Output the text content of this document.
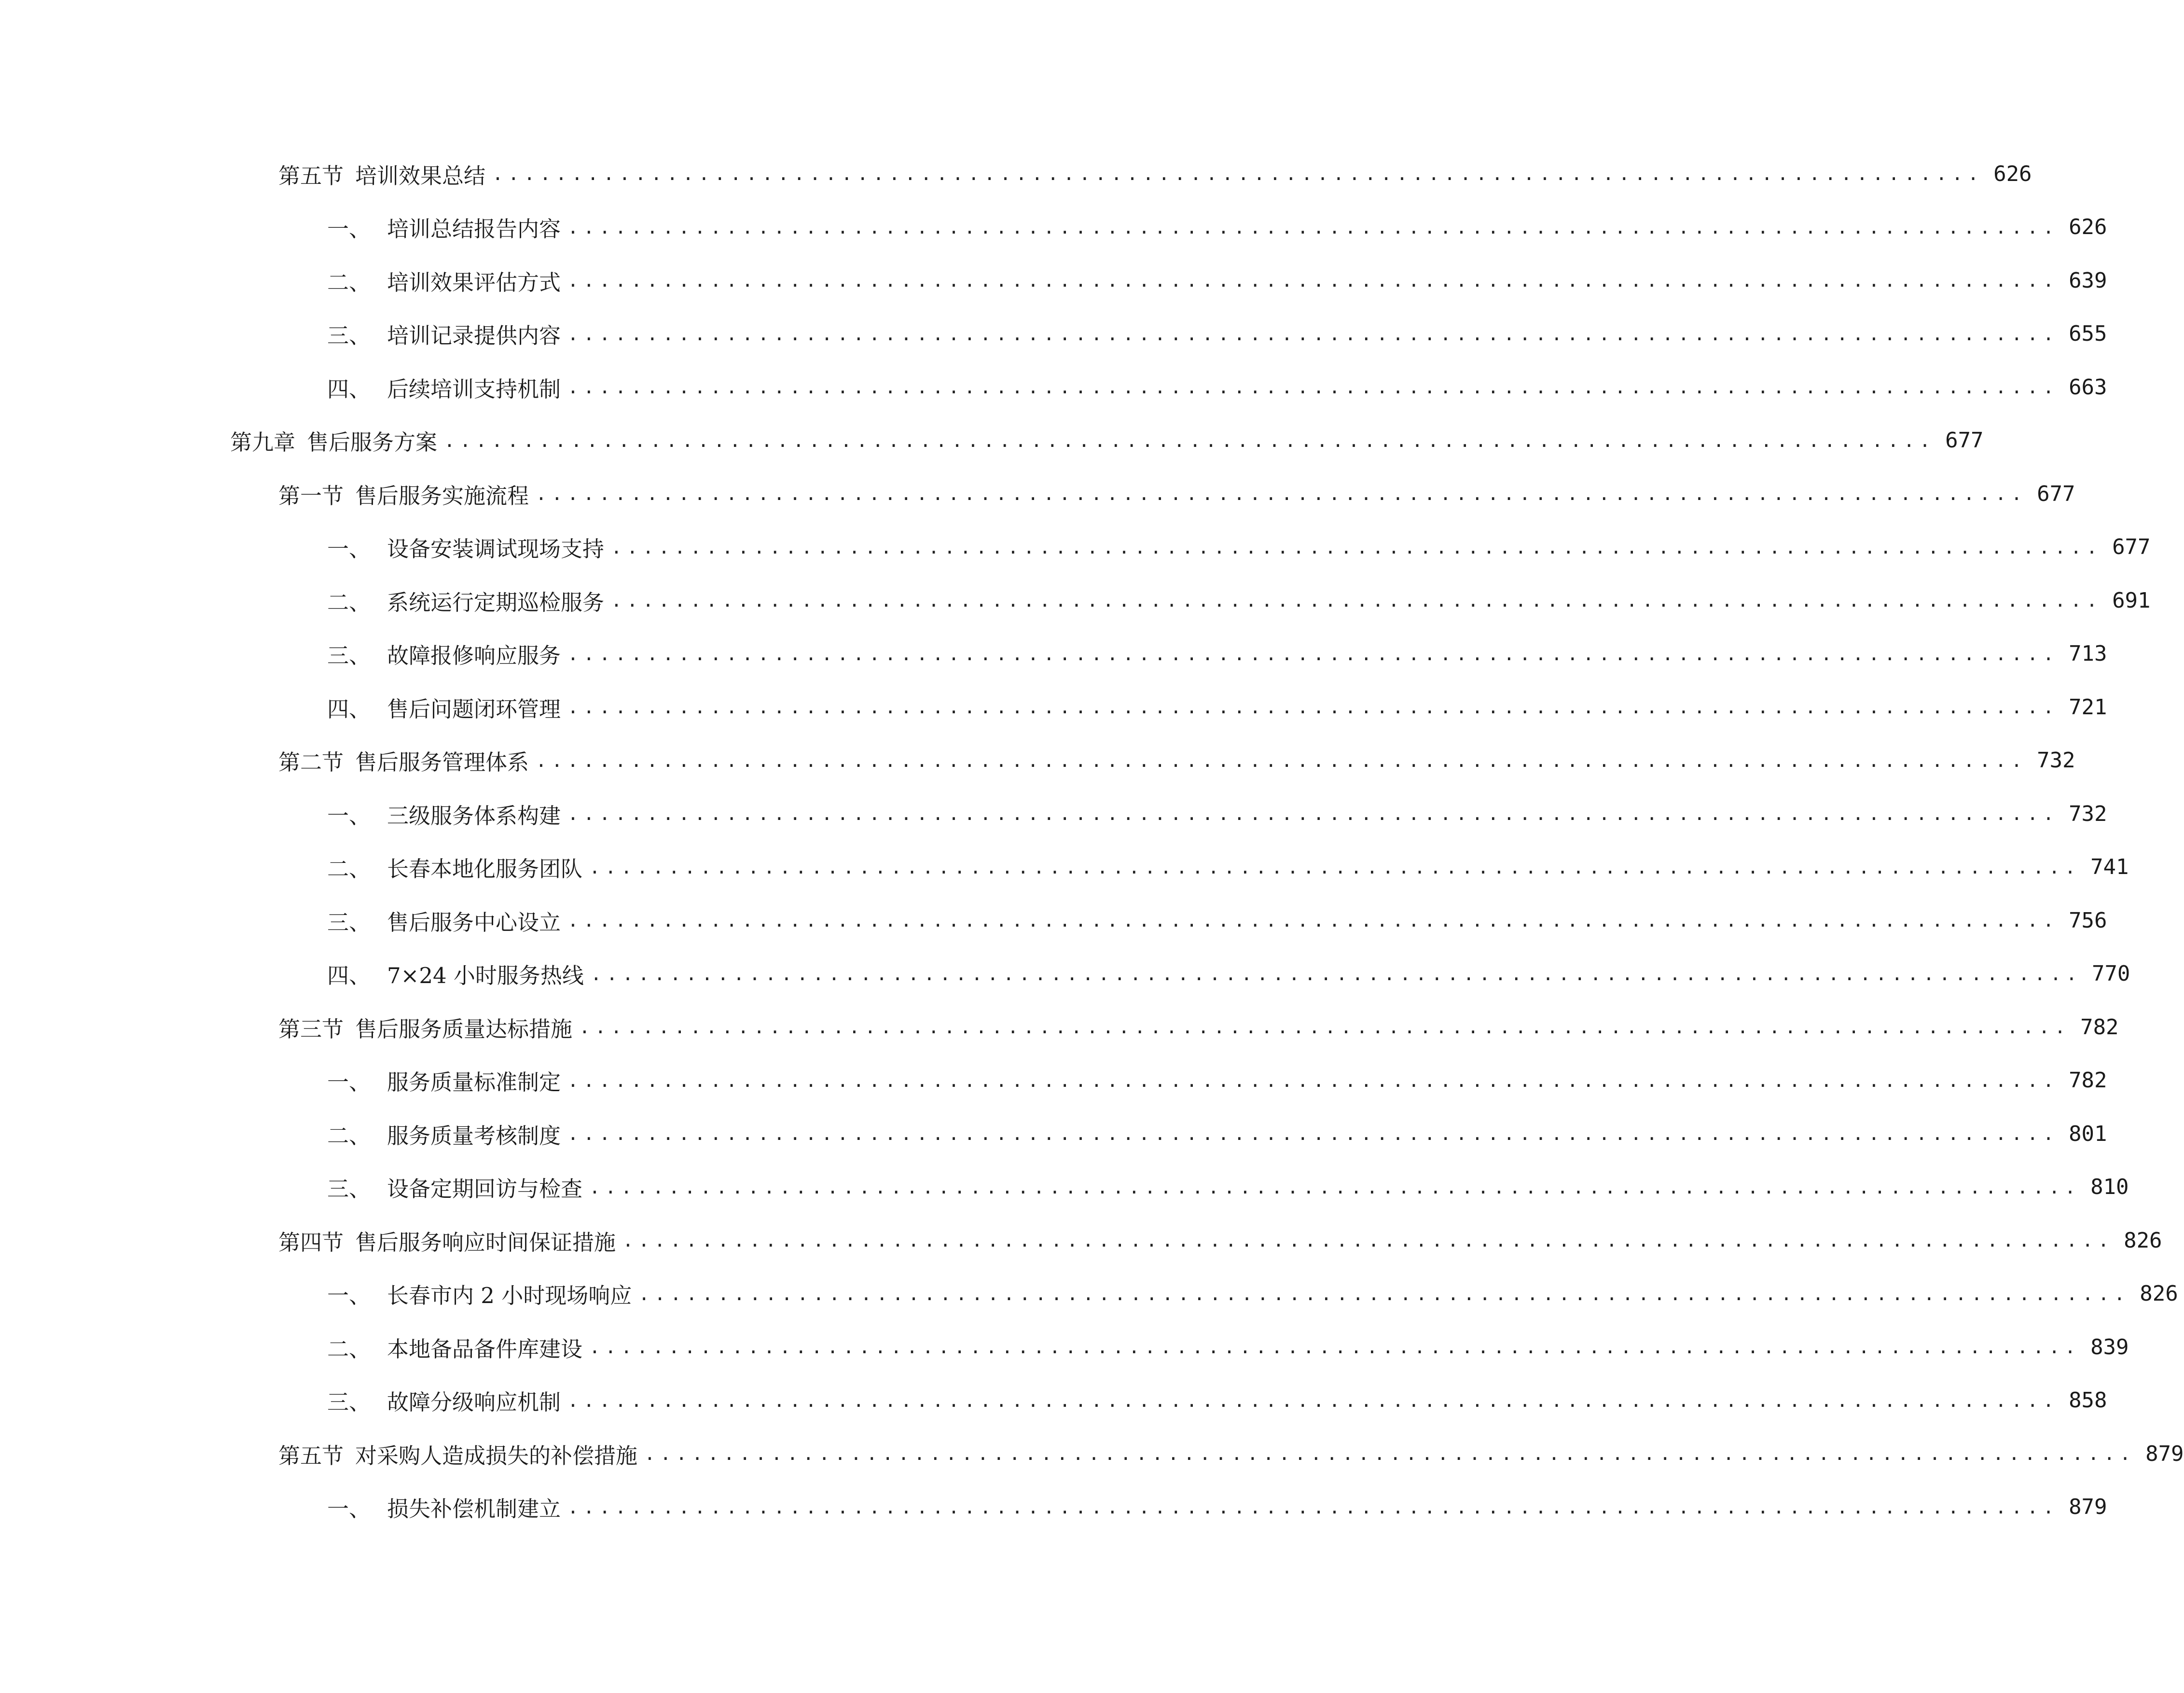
第五节 培训效果总结 .............................................................................................. 626
一、 培训总结报告内容 .............................................................................................. 626
二、 培训效果评估方式 .............................................................................................. 639
三、 培训记录提供内容 .............................................................................................. 655
四、 后续培训支持机制 .............................................................................................. 663
第九章 售后服务方案 .............................................................................................. 677
第一节 售后服务实施流程 .............................................................................................. 677
一、 设备安装调试现场支持 .............................................................................................. 677
二、 系统运行定期巡检服务 .............................................................................................. 691
三、 故障报修响应服务 .............................................................................................. 713
四、 售后问题闭环管理 .............................................................................................. 721
第二节 售后服务管理体系 .............................................................................................. 732
一、 三级服务体系构建 .............................................................................................. 732
二、 长春本地化服务团队 .............................................................................................. 741
三、 售后服务中心设立 .............................................................................................. 756
四、 7×24 小时服务热线 .............................................................................................. 770
第三节 售后服务质量达标措施 .............................................................................................. 782
一、 服务质量标准制定 .............................................................................................. 782
二、 服务质量考核制度 .............................................................................................. 801
三、 设备定期回访与检查 .............................................................................................. 810
第四节 售后服务响应时间保证措施 .............................................................................................. 826
一、 长春市内 2 小时现场响应 .............................................................................................. 826
二、 本地备品备件库建设 .............................................................................................. 839
三、 故障分级响应机制 .............................................................................................. 858
第五节 对采购人造成损失的补偿措施 .............................................................................................. 879
一、 损失补偿机制建立 .............................................................................................. 879
